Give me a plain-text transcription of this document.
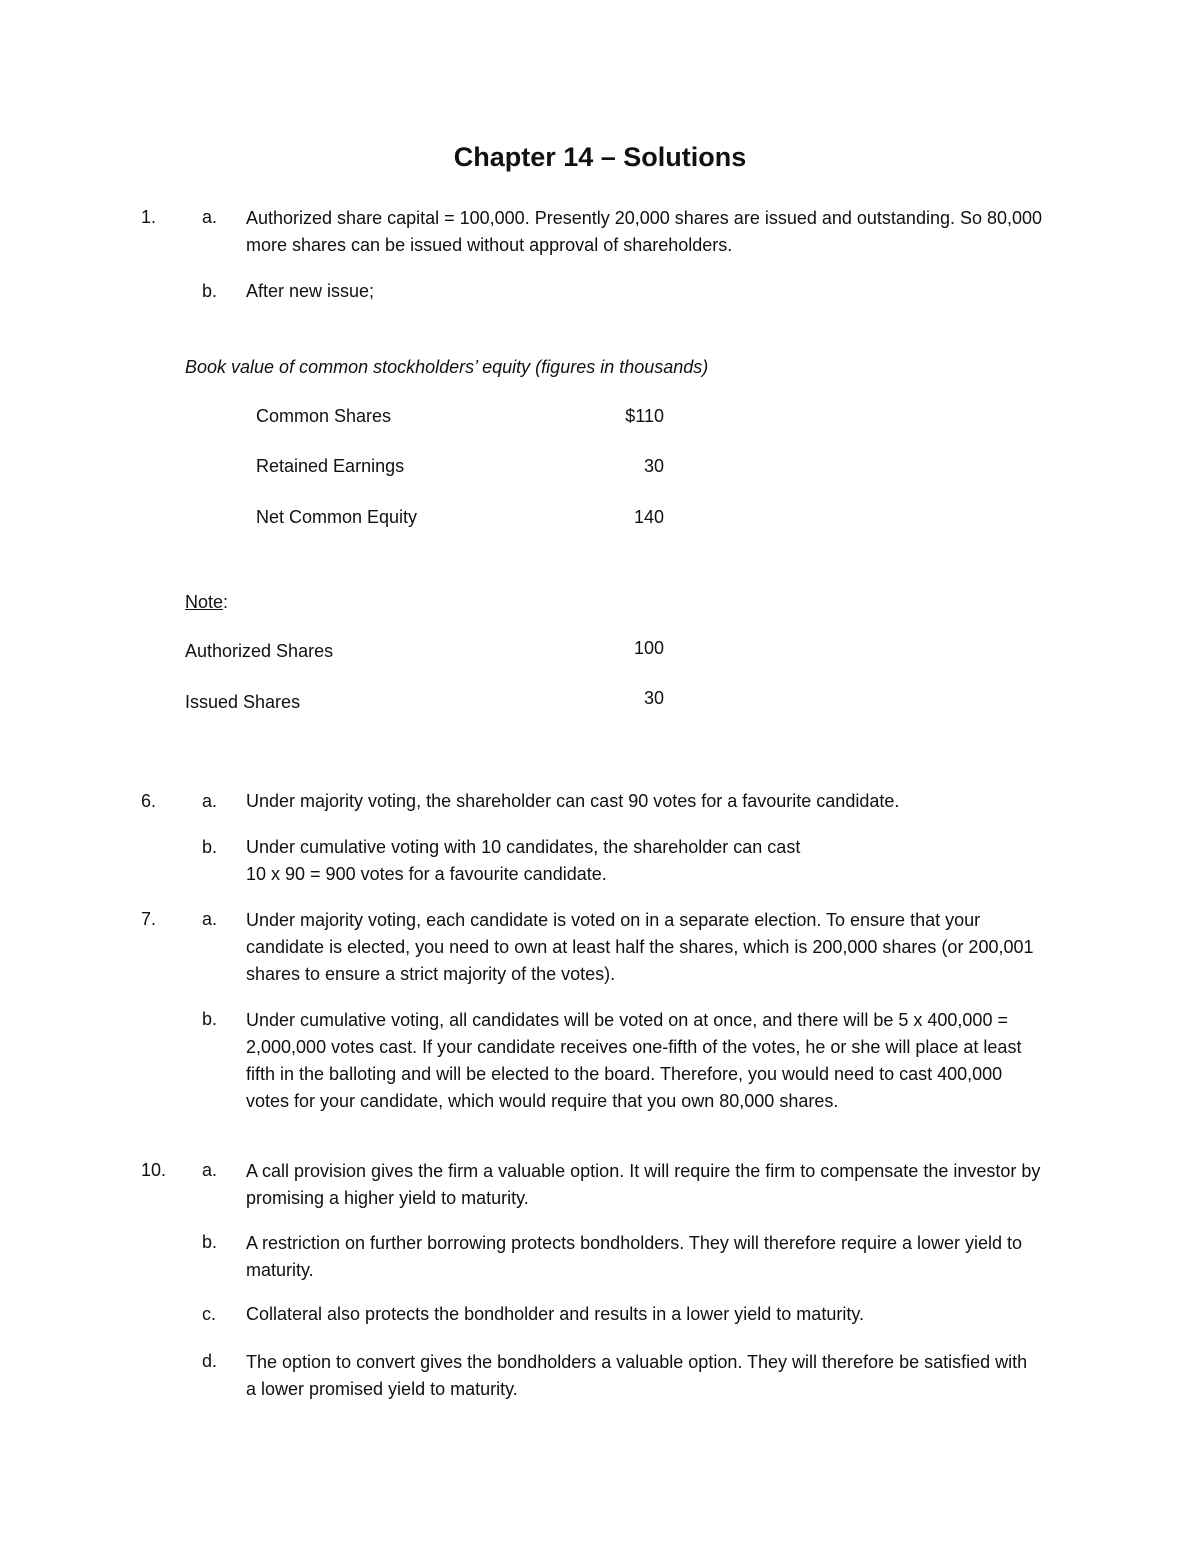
Chapter 14 – Solutions
1.	a.	Authorized share capital = 100,000. Presently 20,000 shares are issued and outstanding. So 80,000 more shares can be issued without approval of shareholders.
b.	After new issue;
Book value of common stockholders’ equity (figures in thousands)
Common Shares	$110
Retained Earnings	30
Net Common Equity	140
Note:
Authorized Shares	100
Issued Shares	30
6.	a.	Under majority voting, the shareholder can cast 90 votes for a favourite candidate.
b.	Under cumulative voting with 10 candidates, the shareholder can cast
10 x 90 = 900 votes for a favourite candidate.
7.	a.	Under majority voting, each candidate is voted on in a separate election. To ensure that your candidate is elected, you need to own at least half the shares, which is 200,000 shares (or 200,001 shares to ensure a strict majority of the votes).
b.	Under cumulative voting, all candidates will be voted on at once, and there will be 5 x 400,000 = 2,000,000 votes cast. If your candidate receives one-fifth of the votes, he or she will place at least fifth in the balloting and will be elected to the board. Therefore, you would need to cast 400,000 votes for your candidate, which would require that you own 80,000 shares.
10.	a.	A call provision gives the firm a valuable option. It will require the firm to compensate the investor by promising a higher yield to maturity.
b.	A restriction on further borrowing protects bondholders. They will therefore require a lower yield to maturity.
c.	Collateral also protects the bondholder and results in a lower yield to maturity.
d.	The option to convert gives the bondholders a valuable option. They will therefore be satisfied with a lower promised yield to maturity.
